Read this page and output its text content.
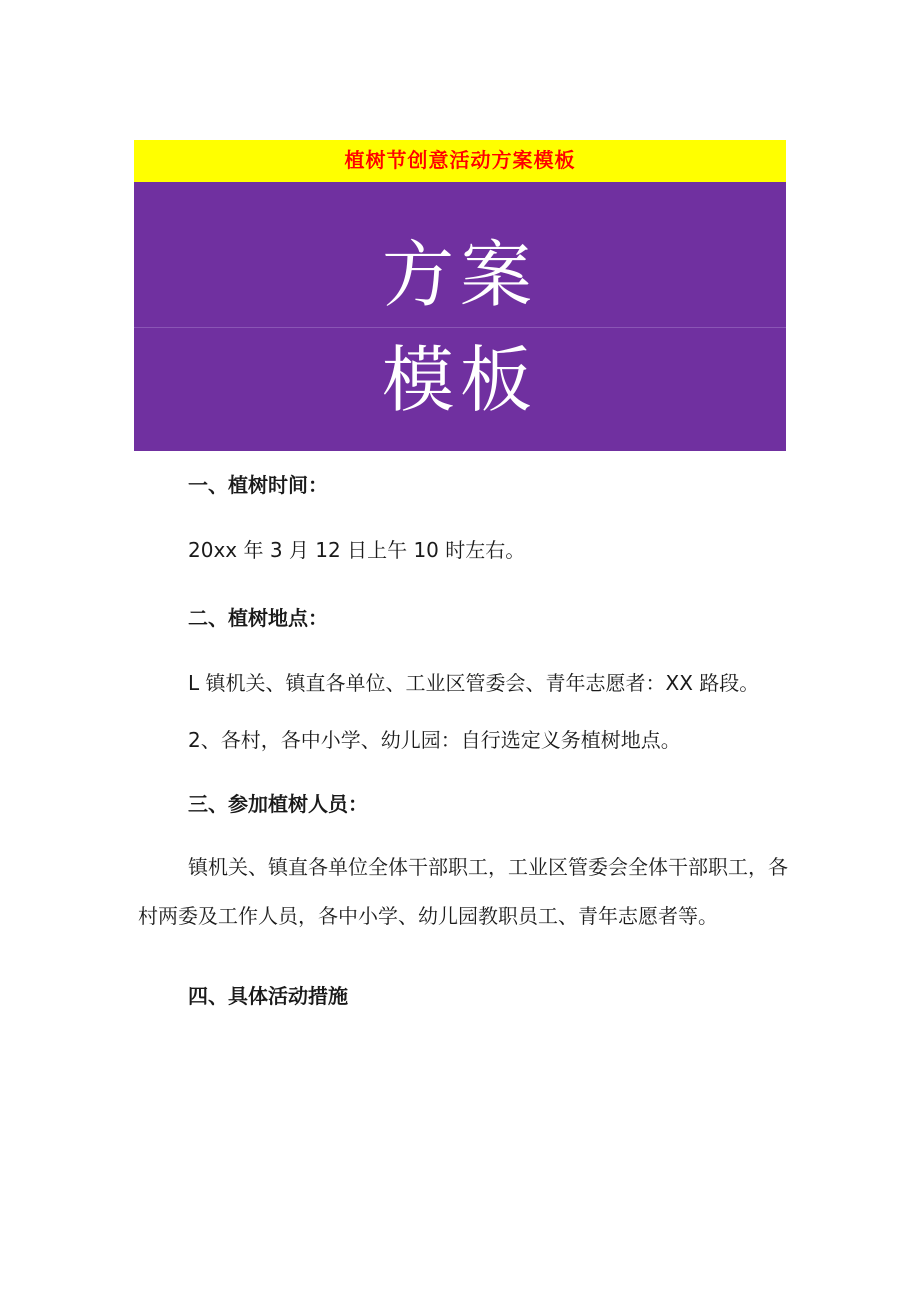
植树节创意活动方案模板
方案
模板
一、植树时间：

20xx 年 3 月 12 日上午 10 时左右。

二、植树地点：

L 镇机关、镇直各单位、工业区管委会、青年志愿者：XX 路段。

2、各村，各中小学、幼儿园：自行选定义务植树地点。

三、参加植树人员：

镇机关、镇直各单位全体干部职工，工业区管委会全体干部职工，各村两委及工作人员，各中小学、幼儿园教职员工、青年志愿者等。

四、具体活动措施
